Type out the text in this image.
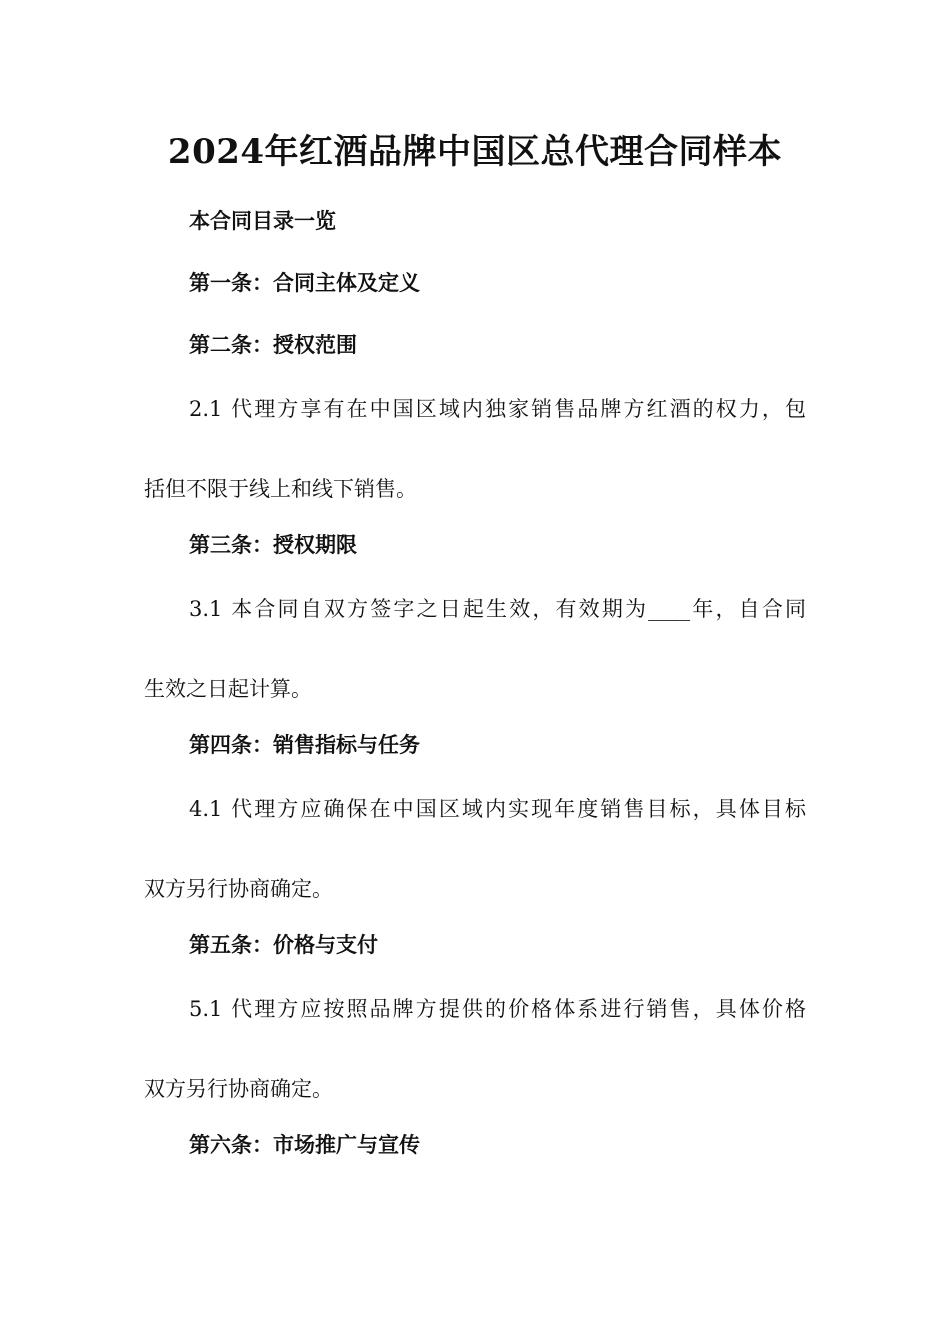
2024年红酒品牌中国区总代理合同样本
本合同目录一览
第一条：合同主体及定义
第二条：授权范围
2.1 代理方享有在中国区域内独家销售品牌方红酒的权力，包
括但不限于线上和线下销售。
第三条：授权期限
3.1 本合同自双方签字之日起生效，有效期为____年，自合同
生效之日起计算。
第四条：销售指标与任务
4.1 代理方应确保在中国区域内实现年度销售目标，具体目标
双方另行协商确定。
第五条：价格与支付
5.1 代理方应按照品牌方提供的价格体系进行销售，具体价格
双方另行协商确定。
第六条：市场推广与宣传
